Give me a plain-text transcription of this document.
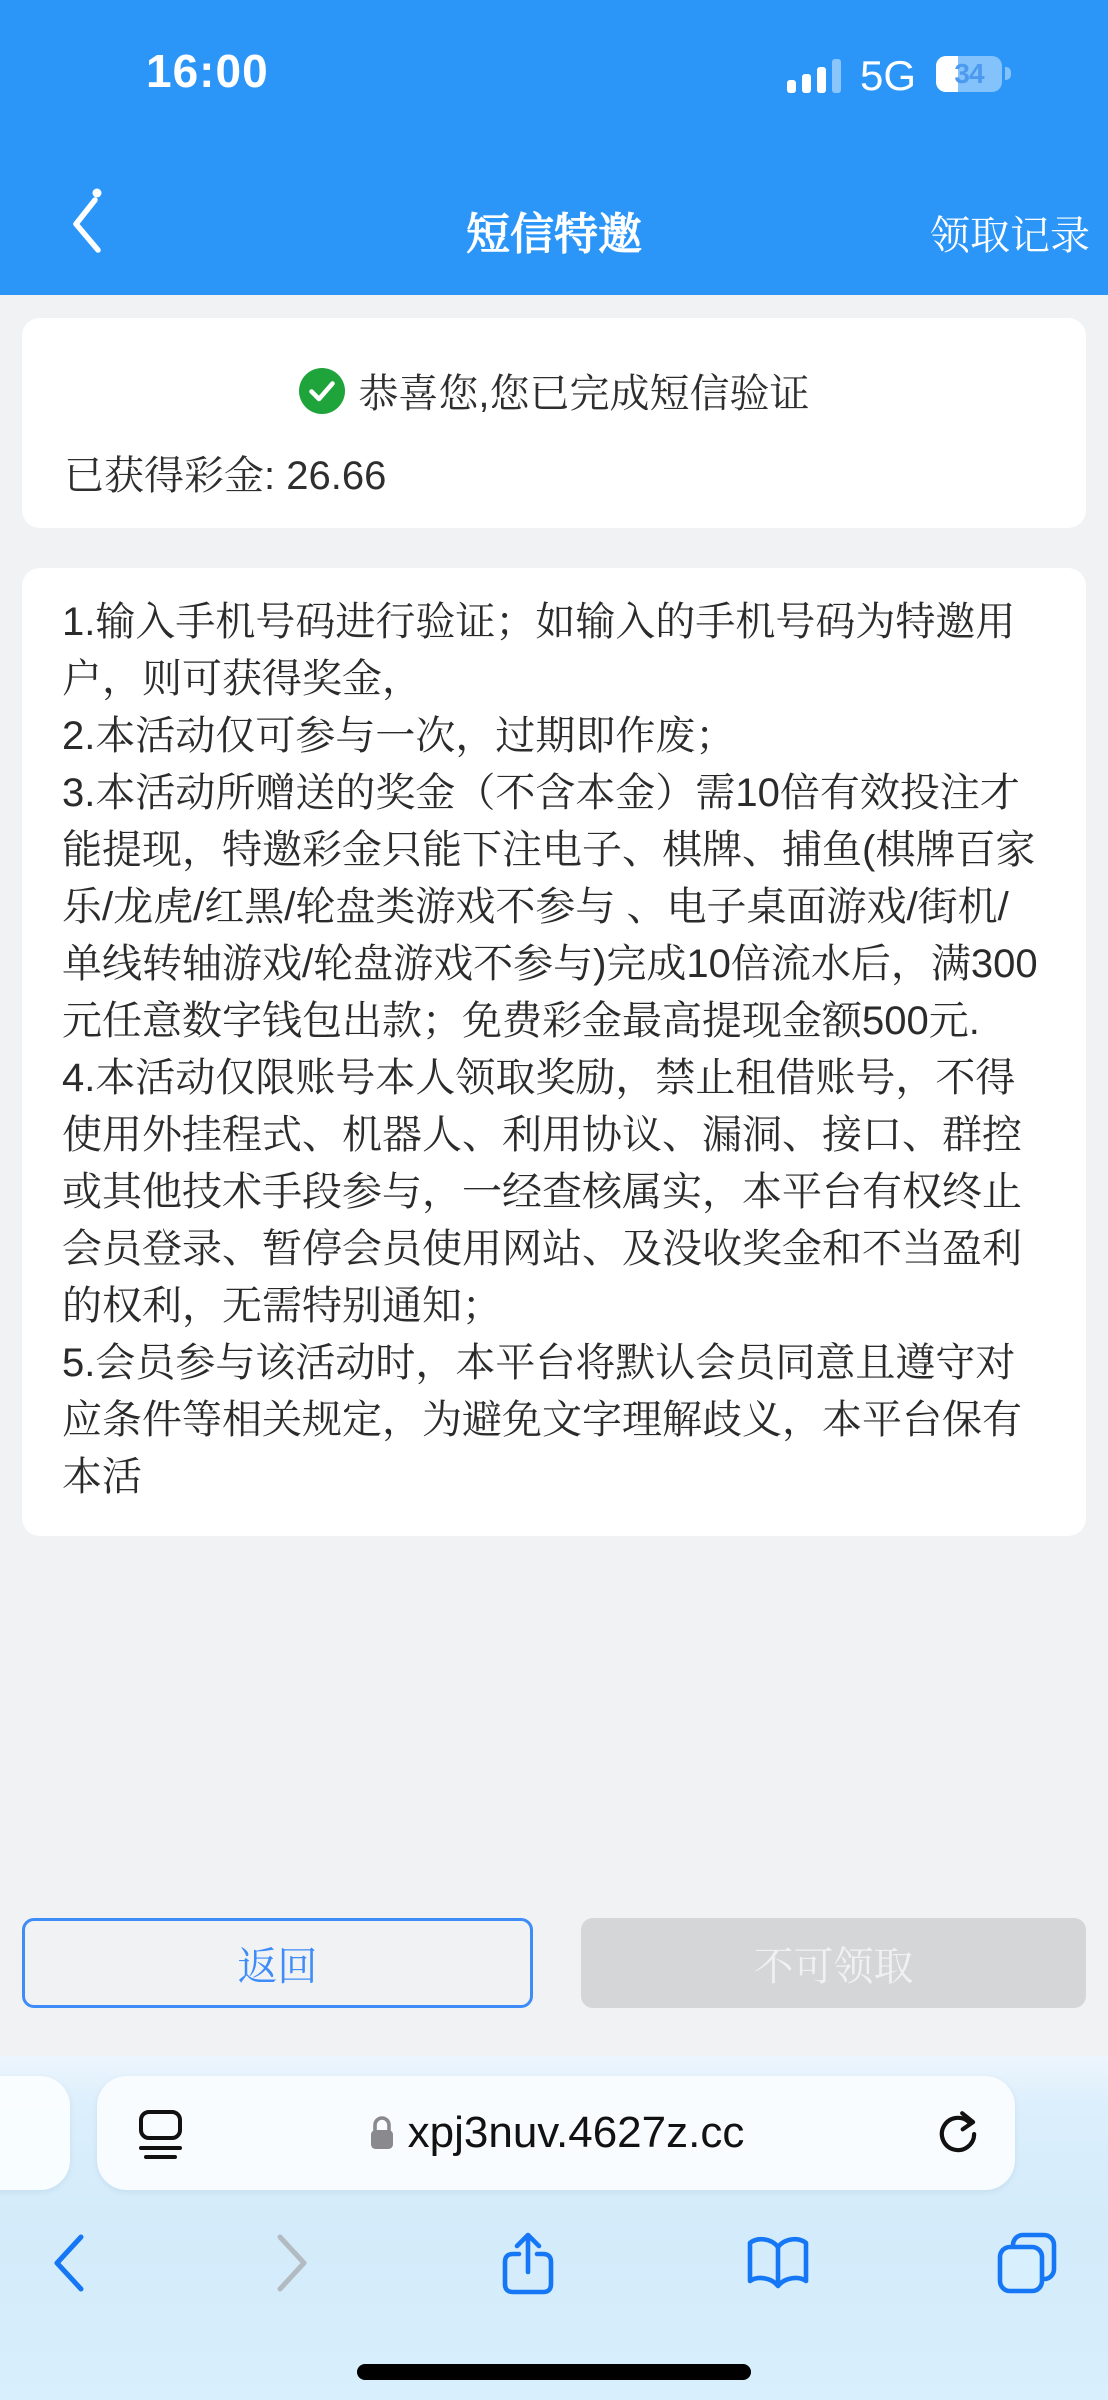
16:00	5G	34
短信特邀	领取记录
恭喜您,您已完成短信验证
已获得彩金: 26.66

1.输入手机号码进行验证；如输入的手机号码为特邀用户，则可获得奖金，

2.本活动仅可参与一次，过期即作废；

3.本活动所赠送的奖金（不含本金）需10倍有效投注才能提现，特邀彩金只能下注电子、棋牌、捕鱼(棋牌百家乐/龙虎/红黑/轮盘类游戏不参与 、电子桌面游戏/街机/单线转轴游戏/轮盘游戏不参与)完成10倍流水后，满300元任意数字钱包出款；免费彩金最高提现金额500元.

4.本活动仅限账号本人领取奖励，禁止租借账号，不得使用外挂程式、机器人、利用协议、漏洞、接口、群控或其他技术手段参与，一经查核属实，本平台有权终止会员登录、暂停会员使用网站、及没收奖金和不当盈利的权利，无需特别通知；

5.会员参与该活动时，本平台将默认会员同意且遵守对应条件等相关规定，为避免文字理解歧义，本平台保有本活

返回	不可领取
xpj3nuv.4627z.cc
